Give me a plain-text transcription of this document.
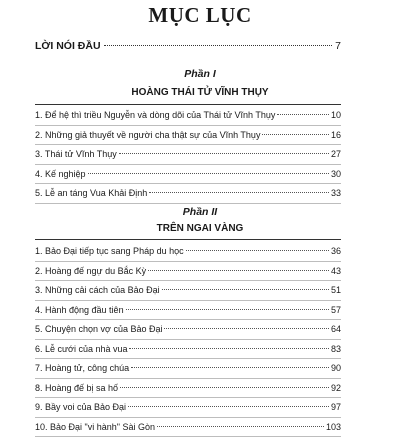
MỤC LỤC
LỜI NÓI ĐẦU	7
Phần I
HOÀNG THÁI TỬ VĨNH THỤY
1. Để hệ thì triều Nguyễn và dòng dõi của Thái tử Vĩnh Thụy	10
2. Những giả thuyết về người cha thật sự của Vĩnh Thụy	16
3. Thái tử Vĩnh Thụy	27
4. Kế nghiệp	30
5. Lễ an táng Vua Khải Định	33
Phần II
TRÊN NGAI VÀNG
1. Bảo Đại tiếp tục sang Pháp du học	36
2. Hoàng đế ngự du Bắc Kỳ	43
3. Những cải cách của Bảo Đại	51
4. Hành động đầu tiên	57
5. Chuyện chọn vợ của Bảo Đại	64
6. Lễ cưới của nhà vua	83
7. Hoàng tử, công chúa	90
8. Hoàng đế bị sa hố	92
9. Bầy voi của Bảo Đại	97
10. Bảo Đại "vi hành" Sài Gòn	103
